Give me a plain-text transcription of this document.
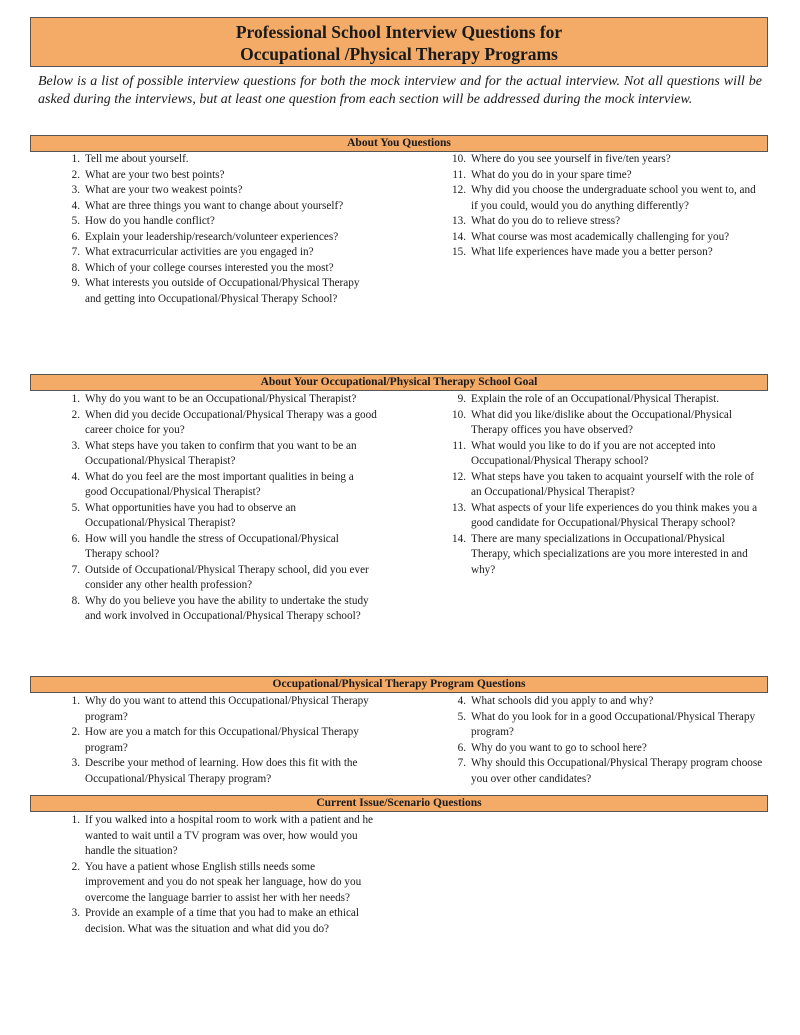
Professional School Interview Questions for
Occupational /Physical Therapy Programs
Below is a list of possible interview questions for both the mock interview and for the actual interview. Not all questions will be asked during the interviews, but at least one question from each section will be addressed during the mock interview.
About You Questions
1. Tell me about yourself.
2. What are your two best points?
3. What are your two weakest points?
4. What are three things you want to change about yourself?
5. How do you handle conflict?
6. Explain your leadership/research/volunteer experiences?
7. What extracurricular activities are you engaged in?
8. Which of your college courses interested you the most?
9. What interests you outside of Occupational/Physical Therapy and getting into Occupational/Physical Therapy School?
10. Where do you see yourself in five/ten years?
11. What do you do in your spare time?
12. Why did you choose the undergraduate school you went to, and if you could, would you do anything differently?
13. What do you do to relieve stress?
14. What course was most academically challenging for you?
15. What life experiences have made you a better person?
About Your Occupational/Physical Therapy School Goal
1. Why do you want to be an Occupational/Physical Therapist?
2. When did you decide Occupational/Physical Therapy was a good career choice for you?
3. What steps have you taken to confirm that you want to be an Occupational/Physical Therapist?
4. What do you feel are the most important qualities in being a good Occupational/Physical Therapist?
5. What opportunities have you had to observe an Occupational/Physical Therapist?
6. How will you handle the stress of Occupational/Physical Therapy school?
7. Outside of Occupational/Physical Therapy school, did you ever consider any other health profession?
8. Why do you believe you have the ability to undertake the study and work involved in Occupational/Physical Therapy school?
9. Explain the role of an Occupational/Physical Therapist.
10. What did you like/dislike about the Occupational/Physical Therapy offices you have observed?
11. What would you like to do if you are not accepted into Occupational/Physical Therapy school?
12. What steps have you taken to acquaint yourself with the role of an Occupational/Physical Therapist?
13. What aspects of your life experiences do you think makes you a good candidate for Occupational/Physical Therapy school?
14. There are many specializations in Occupational/Physical Therapy, which specializations are you more interested in and why?
Occupational/Physical Therapy Program Questions
1. Why do you want to attend this Occupational/Physical Therapy program?
2. How are you a match for this Occupational/Physical Therapy program?
3. Describe your method of learning. How does this fit with the Occupational/Physical Therapy program?
4. What schools did you apply to and why?
5. What do you look for in a good Occupational/Physical Therapy program?
6. Why do you want to go to school here?
7. Why should this Occupational/Physical Therapy program choose you over other candidates?
Current Issue/Scenario Questions
1. If you walked into a hospital room to work with a patient and he wanted to wait until a TV program was over, how would you handle the situation?
2. You have a patient whose English stills needs some improvement and you do not speak her language, how do you overcome the language barrier to assist her with her needs?
3. Provide an example of a time that you had to make an ethical decision. What was the situation and what did you do?
